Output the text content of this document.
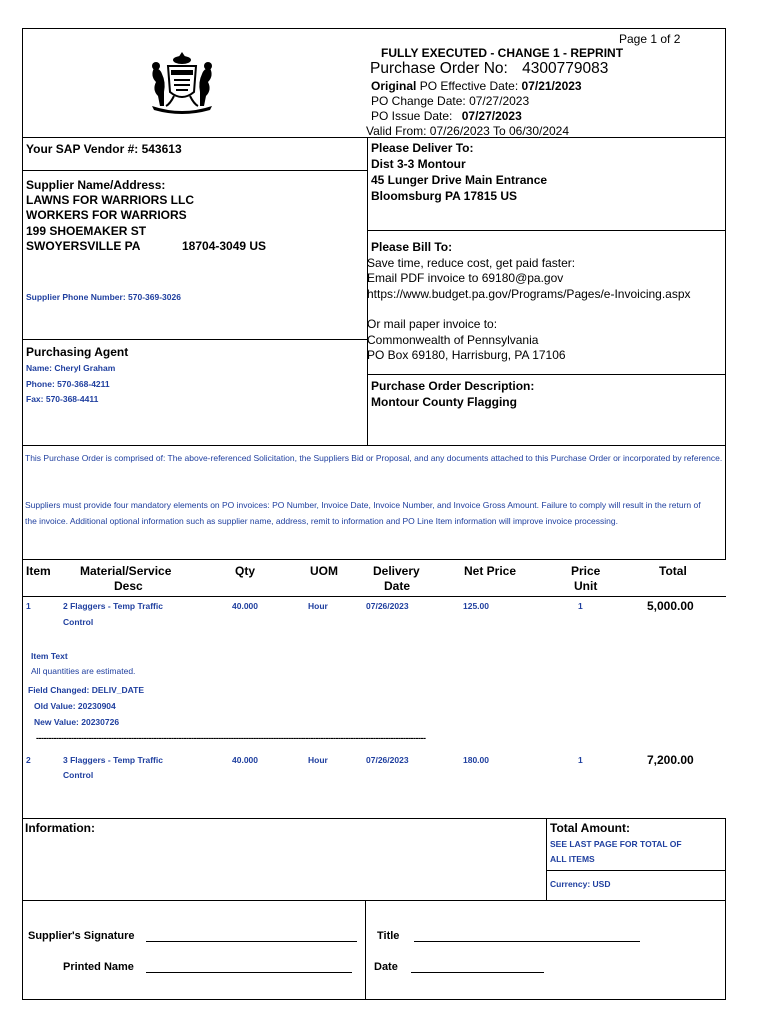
Page 1 of 2
FULLY EXECUTED - CHANGE 1 - REPRINT
Purchase Order No: 4300779083
Original PO Effective Date: 07/21/2023
PO Change Date: 07/27/2023
PO Issue Date: 07/27/2023
Valid From: 07/26/2023 To 06/30/2024
Your SAP Vendor #: 543613
Supplier Name/Address:
LAWNS FOR WARRIORS LLC
WORKERS FOR WARRIORS
199 SHOEMAKER ST
SWOYERSVILLE PA	18704-3049 US
Supplier Phone Number: 570-369-3026
Please Deliver To:
Dist 3-3 Montour
45 Lunger Drive Main Entrance
Bloomsburg PA 17815 US
Please Bill To:
Save time, reduce cost, get paid faster:
Email PDF invoice to 69180@pa.gov
https://www.budget.pa.gov/Programs/Pages/e-Invoicing.aspx
Or mail paper invoice to:
Commonwealth of Pennsylvania
PO Box 69180, Harrisburg, PA 17106
Purchasing Agent
Name: Cheryl Graham
Phone: 570-368-4211
Fax: 570-368-4411
Purchase Order Description:
Montour County Flagging
This Purchase Order is comprised of: The above-referenced Solicitation, the Suppliers Bid or Proposal, and any documents attached to this Purchase Order or incorporated by reference.
Suppliers must provide four mandatory elements on PO invoices: PO Number, Invoice Date, Invoice Number, and Invoice Gross Amount. Failure to comply will result in the return of the invoice. Additional optional information such as supplier name, address, remit to information and PO Line Item information will improve invoice processing.
Item Material/Service
Desc
Qty	UOM	Delivery
Date
Net Price	Price
Unit
Total
1	2 Flaggers - Temp Traffic
Control
40.000	Hour	07/26/2023	125.00	1	5,000.00
Item Text
All quantities are estimated.
Field Changed: DELIV_DATE
Old Value: 20230904
New Value: 20230726
------------------------------------------------------------------------------------------------------------------------------------------------------------
2	3 Flaggers - Temp Traffic
Control
40.000	Hour	07/26/2023	180.00	1	7,200.00
Information:	Total Amount:
SEE LAST PAGE FOR TOTAL OF
ALL ITEMS
Currency: USD
Supplier's Signature
Printed Name
Title
Date
